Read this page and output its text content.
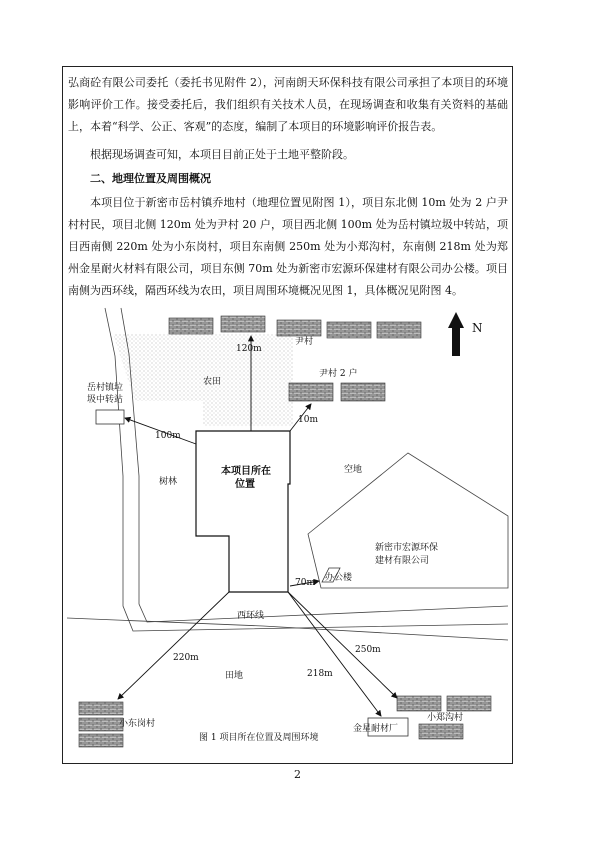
弘商砼有限公司委托（委托书见附件 2），河南朗天环保科技有限公司承担了本项目的环境影响评价工作。接受委托后，我们组织有关技术人员，在现场调查和收集有关资料的基础上，本着“科学、公正、客观”的态度，编制了本项目的环境影响评价报告表。
根据现场调查可知，本项目目前正处于土地平整阶段。
二、地理位置及周围概况
本项目位于新密市岳村镇乔地村（地理位置见附图 1），项目东北侧 10m 处为 2 户尹村村民，项目北侧 120m 处为尹村 20 户，项目西北侧 100m 处为岳村镇垃圾中转站，项目西南侧 220m 处为小东岗村，项目东南侧 250m 处为小郑沟村，东南侧 218m 处为郑州金星耐火材料有限公司，项目东侧 70m 处为新密市宏源环保建材有限公司办公楼。项目南侧为西环线，隔西环线为农田，项目周围环境概况见图 1，具体概况见附图 4。
N
120m
尹村
尹村 2 户
10m
农田
岳村镇垃
圾中转站
100m
树林
本项目所在
位置
空地
新密市宏源环保
建材有限公司
70m 办公楼
西环线
220m
田地	218m
250m
小东岗村
小郑沟村
金星耐材厂
图 1 项目所在位置及周围环境
2
